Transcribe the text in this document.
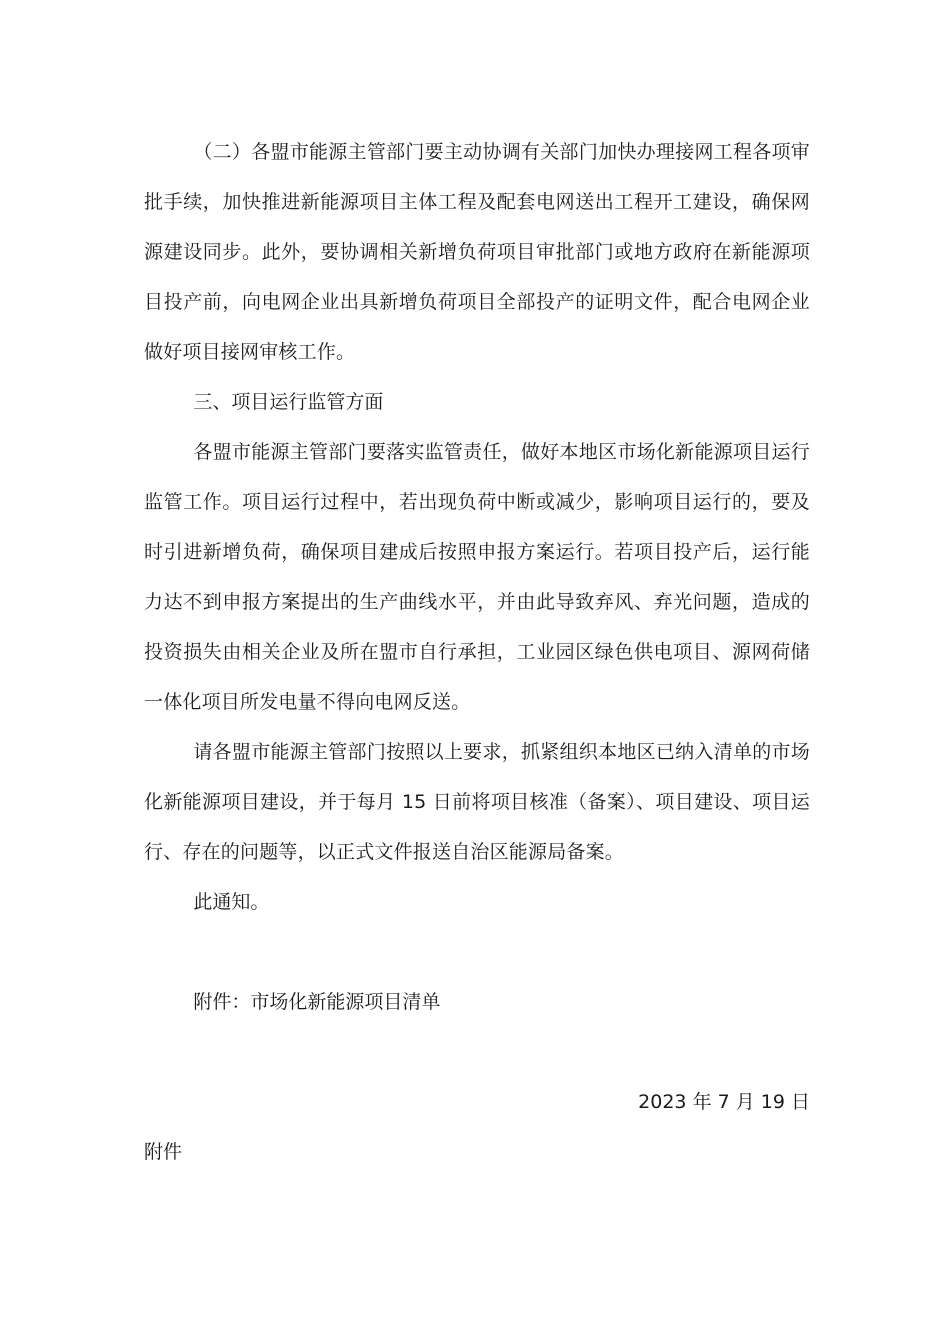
（二）各盟市能源主管部门要主动协调有关部门加快办理接网工程各项审批手续，加快推进新能源项目主体工程及配套电网送出工程开工建设，确保网源建设同步。此外，要协调相关新增负荷项目审批部门或地方政府在新能源项目投产前，向电网企业出具新增负荷项目全部投产的证明文件，配合电网企业做好项目接网审核工作。

三、项目运行监管方面

各盟市能源主管部门要落实监管责任，做好本地区市场化新能源项目运行监管工作。项目运行过程中，若出现负荷中断或减少，影响项目运行的，要及时引进新增负荷，确保项目建成后按照申报方案运行。若项目投产后，运行能力达不到申报方案提出的生产曲线水平，并由此导致弃风、弃光问题，造成的投资损失由相关企业及所在盟市自行承担，工业园区绿色供电项目、源网荷储一体化项目所发电量不得向电网反送。

请各盟市能源主管部门按照以上要求，抓紧组织本地区已纳入清单的市场化新能源项目建设，并于每月 15 日前将项目核准（备案）、项目建设、项目运行、存在的问题等，以正式文件报送自治区能源局备案。

此通知。

附件：市场化新能源项目清单

2023 年 7 月 19 日

附件
